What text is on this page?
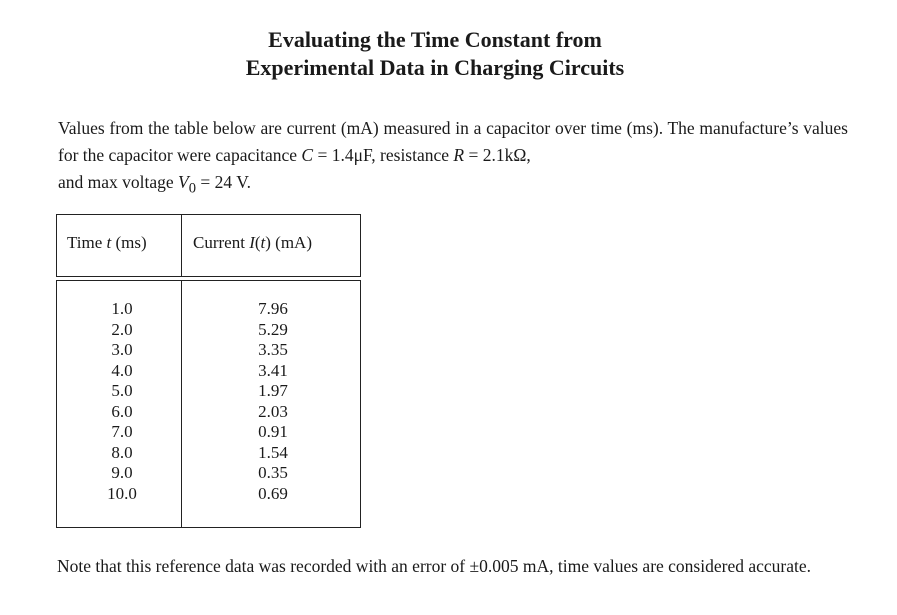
Evaluating the Time Constant from
Experimental Data in Charging Circuits
Values from the table below are current (mA) measured in a capacitor over time (ms). The manufacture’s values for the capacitor were capacitance C = 1.4μF, resistance R = 2.1kΩ,
and max voltage $V_0 = 24$ V.
Time t (ms)	Current I(t) (mA)
1.0
2.0
3.0
4.0
5.0
6.0
7.0
8.0
9.0
10.0
7.96
5.29
3.35
3.41
1.97
2.03
0.91
1.54
0.35
0.69
Note that this reference data was recorded with an error of ±0.005 mA, time values are considered accurate.
